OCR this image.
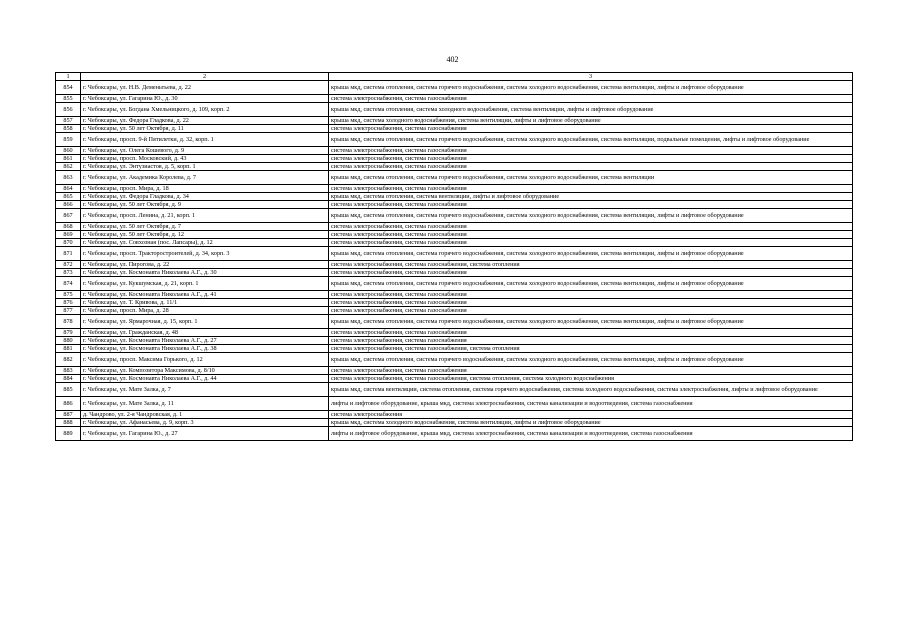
402
1	2	3
854	г. Чебоксары, ул. Н.В. Деменьтьева, д. 22	крыша мкд, система отопления, система горячего водоснабжения, система холодного водоснабжения, система вентиляции, лифты и лифтовое оборудование
855	г. Чебоксары, ул. Гагарина Ю., д. 30	система электроснабжения, система газоснабжения
856	г. Чебоксары, ул. Богдана Хмельницкого, д. 109, корп. 2	крыша мкд, система отопления, система холодного водоснабжения, система вентиляции, лифты и лифтовое оборудование
857	г. Чебоксары, ул. Федора Гладкова, д. 22	крыша мкд, система холодного водоснабжения, система вентиляции, лифты и лифтовое оборудование
858	г. Чебоксары, ул. 50 лет Октября, д. 11	система электроснабжения, система газоснабжения
859	г. Чебоксары, просп. 9-й Пятилетки, д. 32, корп. 1	крыша мкд, система отопления, система горячего водоснабжения, система холодного водоснабжения, система вентиляции, подвальные помещения, лифты и лифтовое оборудование
860	г. Чебоксары, ул. Олега Кошевого, д. 9	система электроснабжения, система газоснабжения
861	г. Чебоксары, просп. Московский, д. 43	система электроснабжения, система газоснабжения
862	г. Чебоксары, ул. Энтузиастов, д. 5, корп. 1	система электроснабжения, система газоснабжения
863	г. Чебоксары, ул. Академика Королева, д. 7	крыша мкд, система отопления, система горячего водоснабжения, система холодного водоснабжения, система вентиляции
864	г. Чебоксары, просп. Мира, д. 18	система электроснабжения, система газоснабжения
865	г. Чебоксары, ул. Федора Гладкова, д. 34	крыша мкд, система отопления, система вентиляции, лифты и лифтовое оборудование
866	г. Чебоксары, ул. 50 лет Октября, д. 9	система электроснабжения, система газоснабжения
867	г. Чебоксары, просп. Ленина, д. 21, корп. 1	крыша мкд, система отопления, система горячего водоснабжения, система холодного водоснабжения, система вентиляции, лифты и лифтовое оборудование
868	г. Чебоксары, ул. 50 лет Октября, д. 7	система электроснабжения, система газоснабжения
869	г. Чебоксары, ул. 50 лет Октября, д. 12	система электроснабжения, система газоснабжения
870	г. Чебоксары, ул. Совхозная (пос. Лапсары), д. 12	система электроснабжения, система газоснабжения
871	г. Чебоксары, просп. Тракторостроителей, д. 34, корп. 3	крыша мкд, система отопления, система горячего водоснабжения, система холодного водоснабжения, система вентиляции, лифты и лифтовое оборудование
872	г. Чебоксары, ул. Пирогова, д. 22	система электроснабжения, система газоснабжения, система отопления
873	г. Чебоксары, ул. Космонавта Николаева А.Г., д. 30	система электроснабжения, система газоснабжения
874	г. Чебоксары, ул. Кукшумская, д. 21, корп. 1	крыша мкд, система отопления, система горячего водоснабжения, система холодного водоснабжения, система вентиляции, лифты и лифтовое оборудование
875	г. Чебоксары, ул. Космонавта Николаева А.Г., д. 41	система электроснабжения, система газоснабжения
876	г. Чебоксары, ул. Т. Кривова, д. 11/1	система электроснабжения, система газоснабжения
877	г. Чебоксары, просп. Мира, д. 28	система электроснабжения, система газоснабжения
878	г. Чебоксары, ул. Ярмарочная, д. 15, корп. 1	крыша мкд, система отопления, система горячего водоснабжения, система холодного водоснабжения, система вентиляции, лифты и лифтовое оборудование
879	г. Чебоксары, ул. Гражданская, д. 48	система электроснабжения, система газоснабжения
880	г. Чебоксары, ул. Космонавта Николаева А.Г., д. 27	система электроснабжения, система газоснабжения
881	г. Чебоксары, ул. Космонавта Николаева А.Г., д. 38	система электроснабжения, система газоснабжения, система отопления
882	г. Чебоксары, просп. Максима Горького, д. 12	крыша мкд, система отопления, система горячего водоснабжения, система холодного водоснабжения, система вентиляции, лифты и лифтовое оборудование
883	г. Чебоксары, ул. Композитора Максимова, д. 8/10	система электроснабжения, система газоснабжения
884	г. Чебоксары, ул. Космонавта Николаева А.Г., д. 44	система электроснабжения, система газоснабжения, система отопления, система холодного водоснабжения
885	г. Чебоксары, ул. Мате Залка, д. 7	крыша мкд, система вентиляции, система отопления, система горячего водоснабжения, система холодного водоснабжения, система электроснабжения, лифты и лифтовое оборудование
886	г. Чебоксары, ул. Мате Залка, д. 11	лифты и лифтовое оборудование, крыша мкд, система электроснабжения, система канализации и водоотведения, система газоснабжения
887	д. Чандрово, ул. 2-я Чандровская, д. 1	система электроснабжения
888	г. Чебоксары, ул. Афанасьева, д. 9, корп. 3	крыша мкд, система холодного водоснабжения, система вентиляции, лифты и лифтовое оборудование
889	г. Чебоксары, ул. Гагарина Ю., д. 27	лифты и лифтовое оборудование, крыша мкд, система электроснабжения, система канализации и водоотведения, система газоснабжения
